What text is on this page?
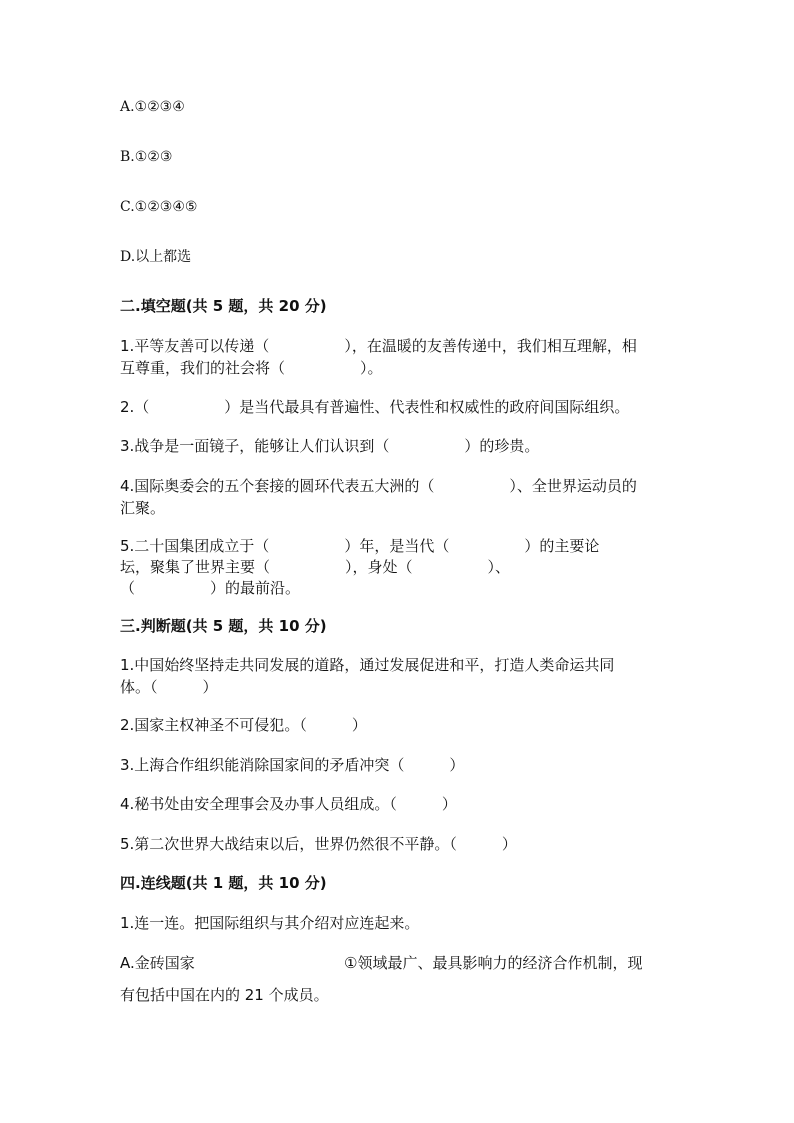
A.①②③④
B.①②③
C.①②③④⑤
D.以上都选
二.填空题(共 5 题，共 20 分)
1.平等友善可以传递（　　　　　），在温暖的友善传递中，我们相互理解，相
互尊重，我们的社会将（　　　　　）。
2.（　　　　　）是当代最具有普遍性、代表性和权威性的政府间国际组织。
3.战争是一面镜子，能够让人们认识到（　　　　　）的珍贵。
4.国际奥委会的五个套接的圆环代表五大洲的（　　　　　）、全世界运动员的
汇聚。
5.二十国集团成立于（　　　　　）年，是当代（　　　　　）的主要论
坛，聚集了世界主要（　　　　　），身处（　　　　　）、
（　　　　　）的最前沿。
三.判断题(共 5 题，共 10 分)
1.中国始终坚持走共同发展的道路，通过发展促进和平，打造人类命运共同
体。（　　　）
2.国家主权神圣不可侵犯。（　　　）
3.上海合作组织能消除国家间的矛盾冲突（　　　）
4.秘书处由安全理事会及办事人员组成。（　　　）
5.第二次世界大战结束以后，世界仍然很不平静。（　　　）
四.连线题(共 1 题，共 10 分)
1.连一连。把国际组织与其介绍对应连起来。
A.金砖国家	①领域最广、最具影响力的经济合作机制，现
有包括中国在内的 21 个成员。
